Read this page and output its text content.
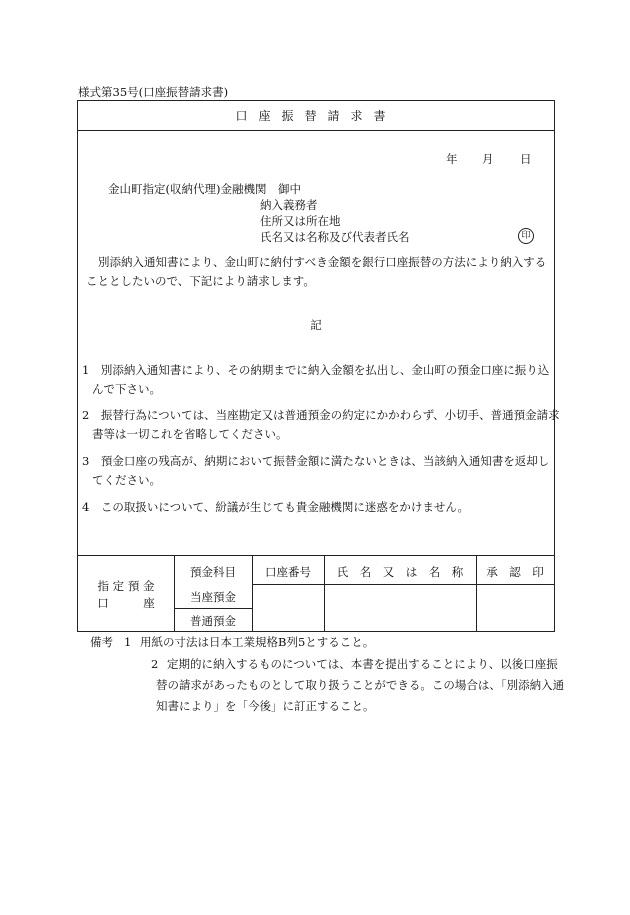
様式第35号(口座振替請求書)
口座振替請求書
年 月 日
金山町指定(収納代理)金融機関　御中
納入義務者
住所又は所在地
氏名又は名称及び代表者氏名	印
別添納入通知書により、金山町に納付すべき金額を銀行口座振替の方法により納入することとしたいので、下記により請求します。
記
1　別添納入通知書により、その納期までに納入金額を払出し、金山町の預金口座に振り込んで下さい。
2　振替行為については、当座勘定又は普通預金の約定にかかわらず、小切手、普通預金請求書等は一切これを省略してください。
3　預金口座の残高が、納期において振替金額に満たないときは、当該納入通知書を返却してください。
4　この取扱いについて、紛議が生じても貴金融機関に迷惑をかけません。
指 定 預 金
口　　　座
預金科目	口座番号	氏　名　又　は　名　称	承　認　印
当座預金
普通預金
備考 1 用紙の寸法は日本工業規格B列5とすること。
2 定期的に納入するものについては、本書を提出することにより、以後口座振
替の請求があったものとして取り扱うことができる。この場合は、「別添納入通
知書により」を「今後」に訂正すること。
